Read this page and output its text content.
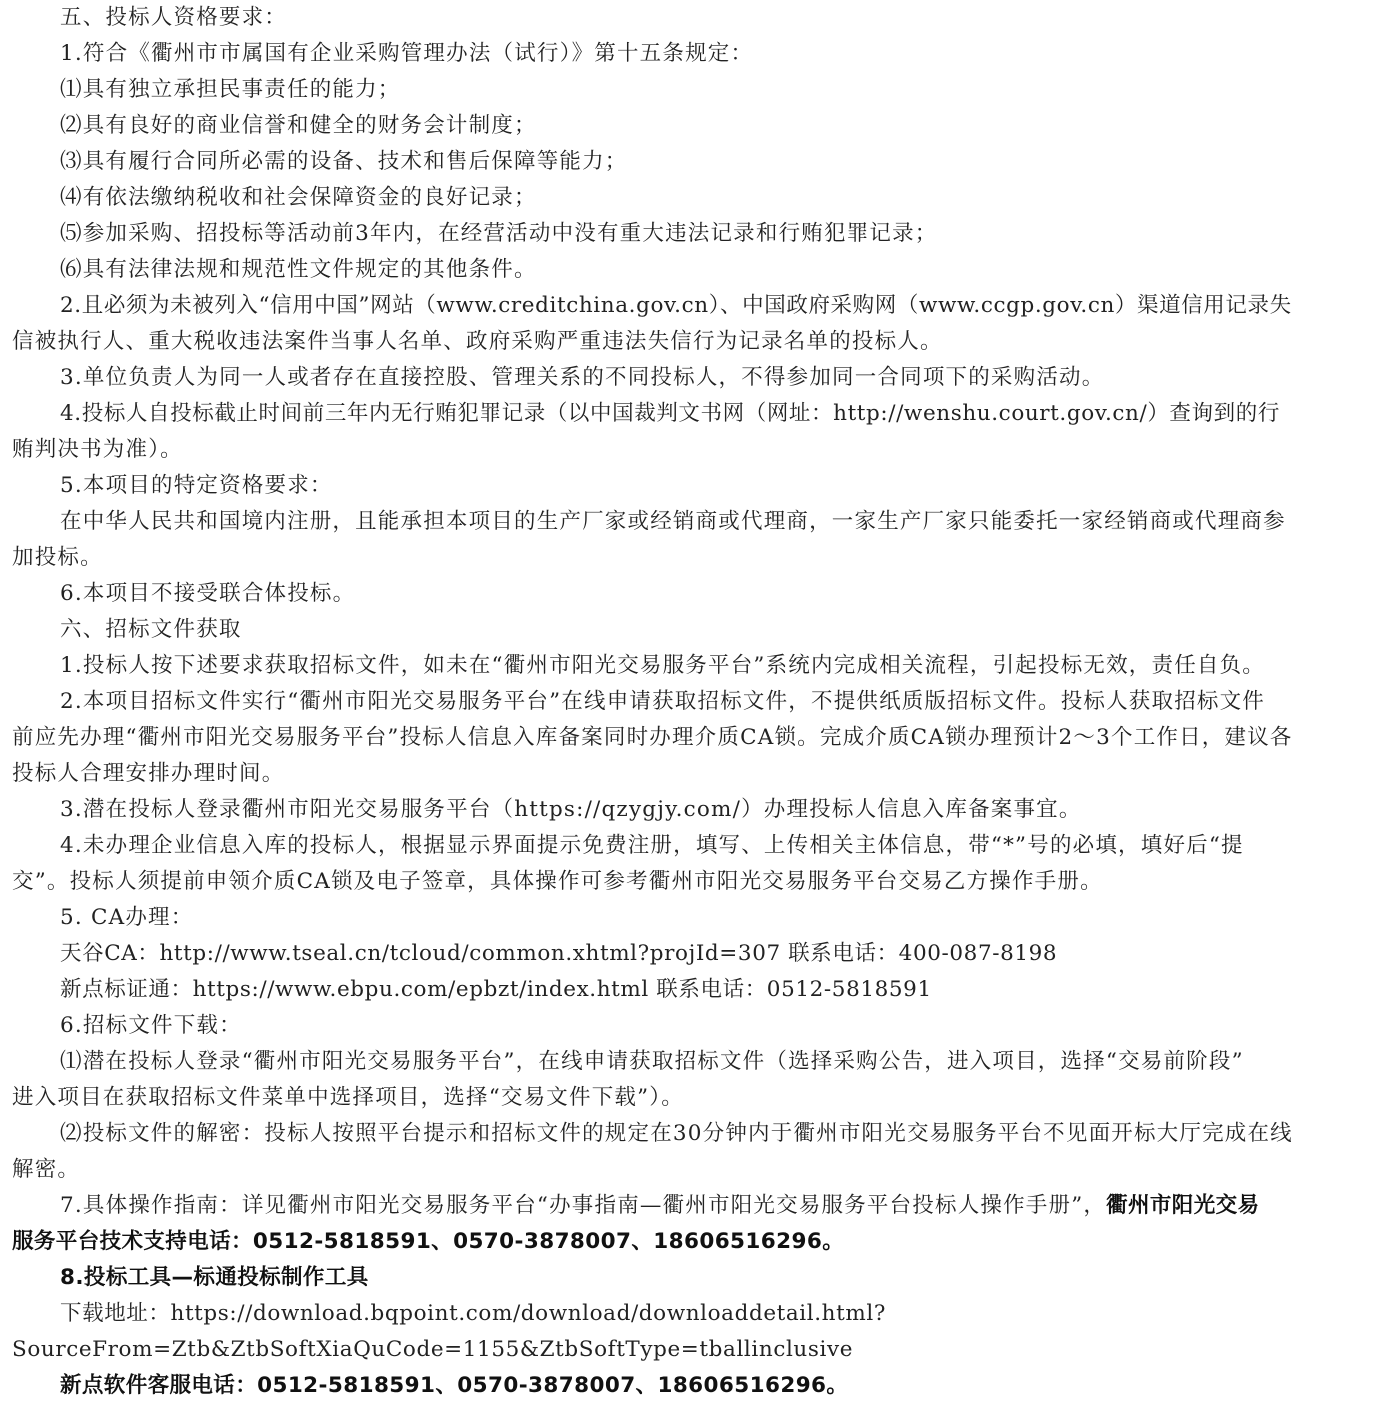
五、投标人资格要求：
1.符合《衢州市市属国有企业采购管理办法（试行）》第十五条规定：
⑴具有独立承担民事责任的能力；
⑵具有良好的商业信誉和健全的财务会计制度；
⑶具有履行合同所必需的设备、技术和售后保障等能力；
⑷有依法缴纳税收和社会保障资金的良好记录；
⑸参加采购、招投标等活动前3年内，在经营活动中没有重大违法记录和行贿犯罪记录；
⑹具有法律法规和规范性文件规定的其他条件。
2.且必须为未被列入“信用中国”网站（www.creditchina.gov.cn）、中国政府采购网（www.ccgp.gov.cn）渠道信用记录失
信被执行人、重大税收违法案件当事人名单、政府采购严重违法失信行为记录名单的投标人。
3.单位负责人为同一人或者存在直接控股、管理关系的不同投标人，不得参加同一合同项下的采购活动。
4.投标人自投标截止时间前三年内无行贿犯罪记录（以中国裁判文书网（网址：http://wenshu.court.gov.cn/）查询到的行
贿判决书为准）。
5.本项目的特定资格要求：
在中华人民共和国境内注册，且能承担本项目的生产厂家或经销商或代理商，一家生产厂家只能委托一家经销商或代理商参
加投标。
6.本项目不接受联合体投标。
六、招标文件获取
1.投标人按下述要求获取招标文件，如未在“衢州市阳光交易服务平台”系统内完成相关流程，引起投标无效，责任自负。
2.本项目招标文件实行“衢州市阳光交易服务平台”在线申请获取招标文件，不提供纸质版招标文件。投标人获取招标文件
前应先办理“衢州市阳光交易服务平台”投标人信息入库备案同时办理介质CA锁。完成介质CA锁办理预计2～3个工作日，建议各
投标人合理安排办理时间。
3.潜在投标人登录衢州市阳光交易服务平台（https://qzygjy.com/）办理投标人信息入库备案事宜。
4.未办理企业信息入库的投标人，根据显示界面提示免费注册，填写、上传相关主体信息，带“*”号的必填，填好后“提
交”。投标人须提前申领介质CA锁及电子签章，具体操作可参考衢州市阳光交易服务平台交易乙方操作手册。
5. CA办理：
天谷CA：http://www.tseal.cn/tcloud/common.xhtml?projId=307 联系电话：400-087-8198
新点标证通：https://www.ebpu.com/epbzt/index.html 联系电话：0512-5818591
6.招标文件下载：
⑴潜在投标人登录“衢州市阳光交易服务平台”，在线申请获取招标文件（选择采购公告，进入项目，选择“交易前阶段”
进入项目在获取招标文件菜单中选择项目，选择“交易文件下载”）。
⑵投标文件的解密：投标人按照平台提示和招标文件的规定在30分钟内于衢州市阳光交易服务平台不见面开标大厅完成在线
解密。
7.具体操作指南：详见衢州市阳光交易服务平台“办事指南—衢州市阳光交易服务平台投标人操作手册”，衢州市阳光交易
服务平台技术支持电话：0512-5818591、0570-3878007、18606516296。
8.投标工具—标通投标制作工具
下载地址：https://download.bqpoint.com/download/downloaddetail.html?
SourceFrom=Ztb&ZtbSoftXiaQuCode=1155&ZtbSoftType=tballinclusive
新点软件客服电话：0512-5818591、0570-3878007、18606516296。
